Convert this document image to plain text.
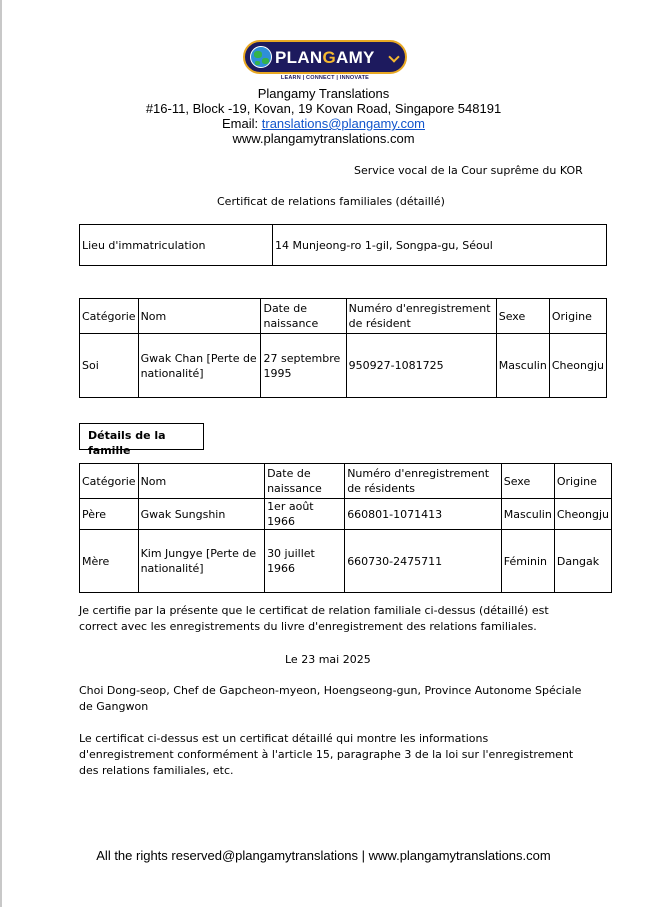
PLANGAMY
LEARN | CONNECT | INNOVATE
Plangamy Translations
#16-11, Block -19, Kovan, 19 Kovan Road, Singapore 548191
Email: translations@plangamy.com
www.plangamytranslations.com
Service vocal de la Cour suprême du KOR
Certificat de relations familiales (détaillé)
Lieu d'immatriculation	14 Munjeong-ro 1-gil, Songpa-gu, Séoul
Catégorie	Nom	Date de naissance	Numéro d'enregistrement de résident	Sexe	Origine
Soi	Gwak Chan [Perte de nationalité]	27 septembre 1995	950927-1081725	Masculin	Cheongju
Détails de la famille
Catégorie	Nom	Date de naissance	Numéro d'enregistrement de résidents	Sexe	Origine
Père	Gwak Sungshin	1er août 1966	660801-1071413	Masculin	Cheongju
Mère	Kim Jungye [Perte de nationalité]	30 juillet 1966	660730-2475711	Féminin	Dangak
Je certifie par la présente que le certificat de relation familiale ci-dessus (détaillé) est correct avec les enregistrements du livre d'enregistrement des relations familiales.
Le 23 mai 2025
Choi Dong-seop, Chef de Gapcheon-myeon, Hoengseong-gun, Province Autonome Spéciale de Gangwon
Le certificat ci-dessus est un certificat détaillé qui montre les informations d'enregistrement conformément à l'article 15, paragraphe 3 de la loi sur l'enregistrement des relations familiales, etc.
All the rights reserved@plangamytranslations | www.plangamytranslations.com
